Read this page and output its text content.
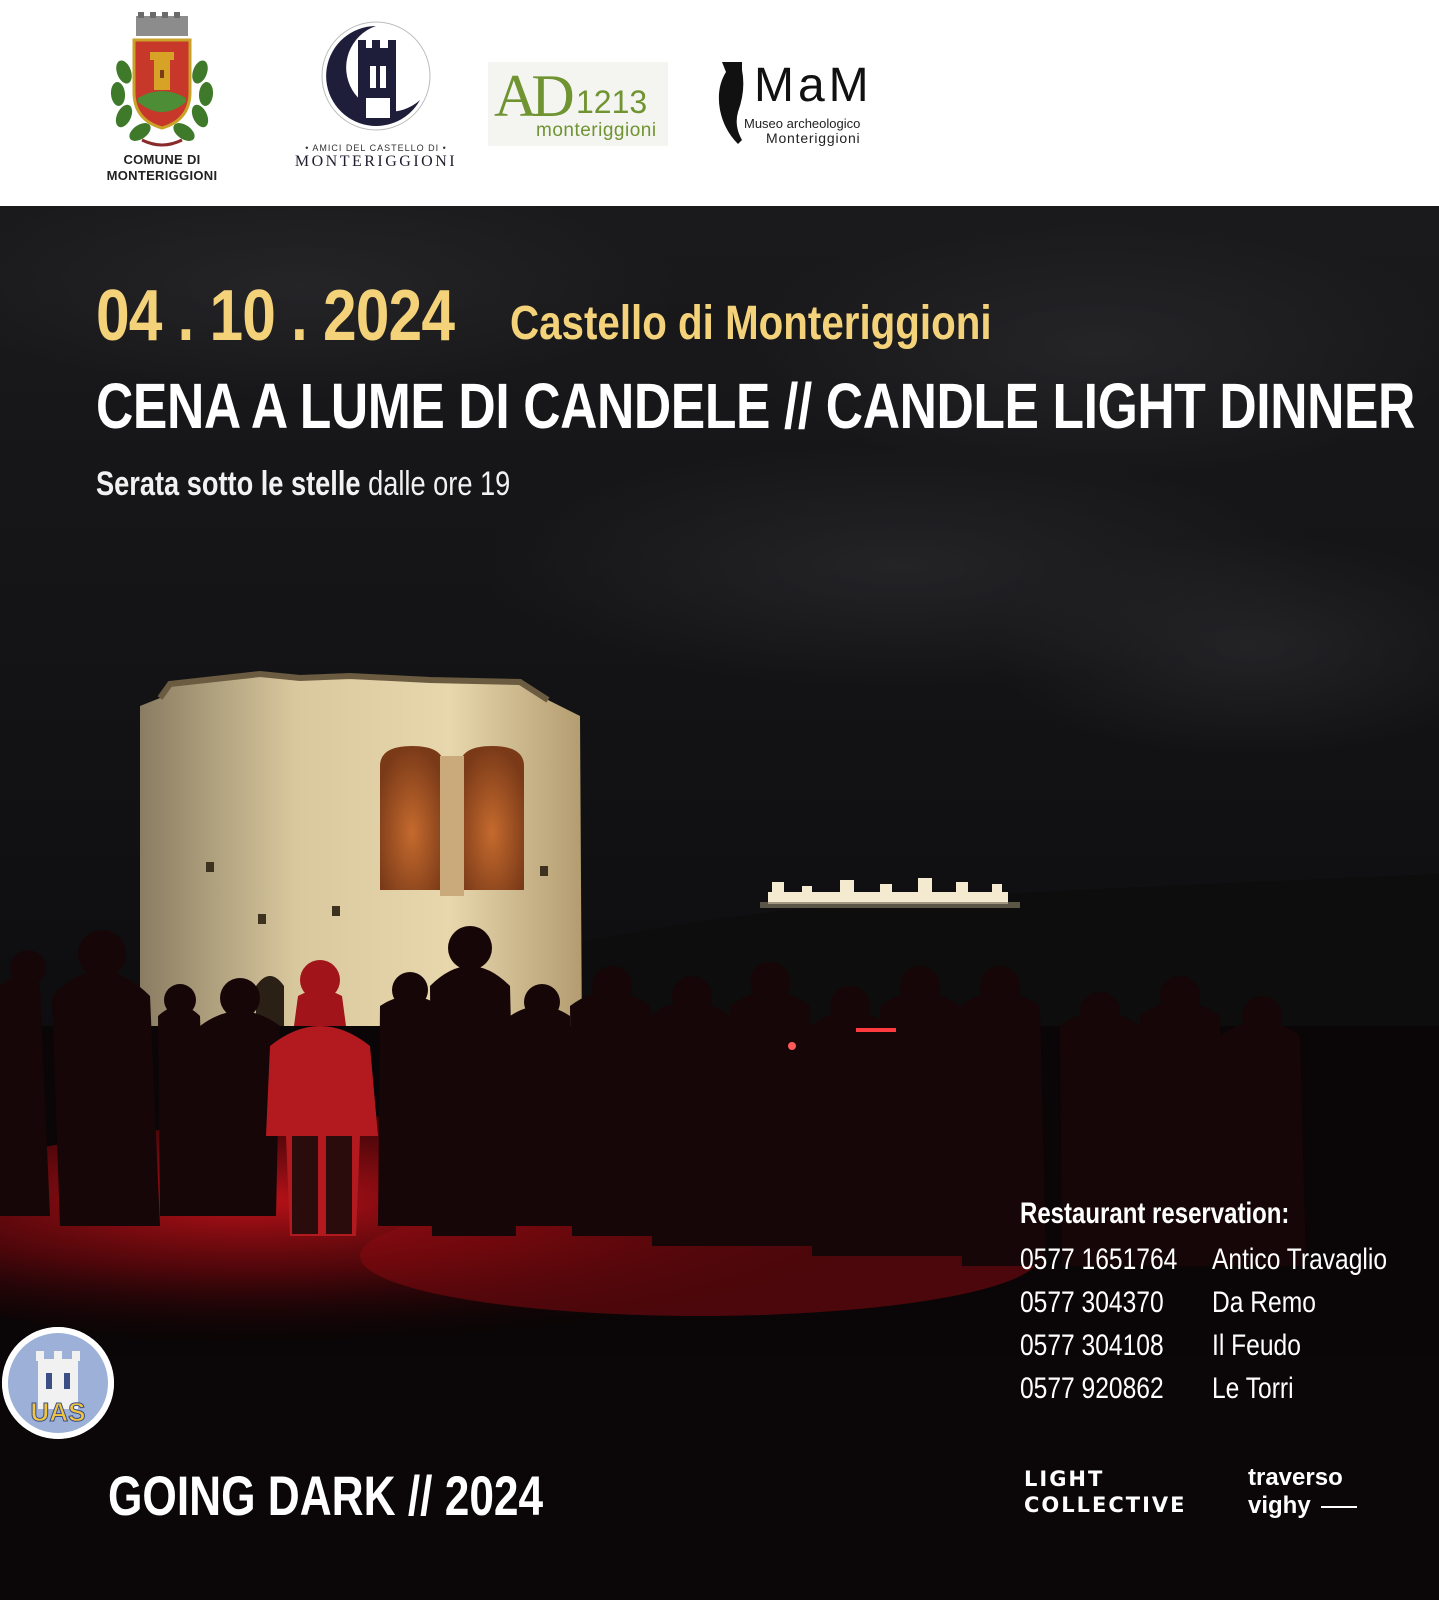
COMUNE DI
MONTERIGGIONI
• AMICI DEL CASTELLO DI •
MONTERIGGIONI
AD 1213
monteriggioni
MaM
Museo archeologico
Monteriggioni
UAS
04 . 10 . 2024 Castello di Monteriggioni
CENA A LUME DI CANDELE // CANDLE LIGHT DINNER
Serata sotto le stelle dalle ore 19
Restaurant reservation:
0577 1651764 Antico Travaglio
0577 304370 Da Remo
0577 304108 Il Feudo
0577 920862 Le Torri
GOING DARK // 2024	LIGHT
COLLECTIVE
traverso
vighy
